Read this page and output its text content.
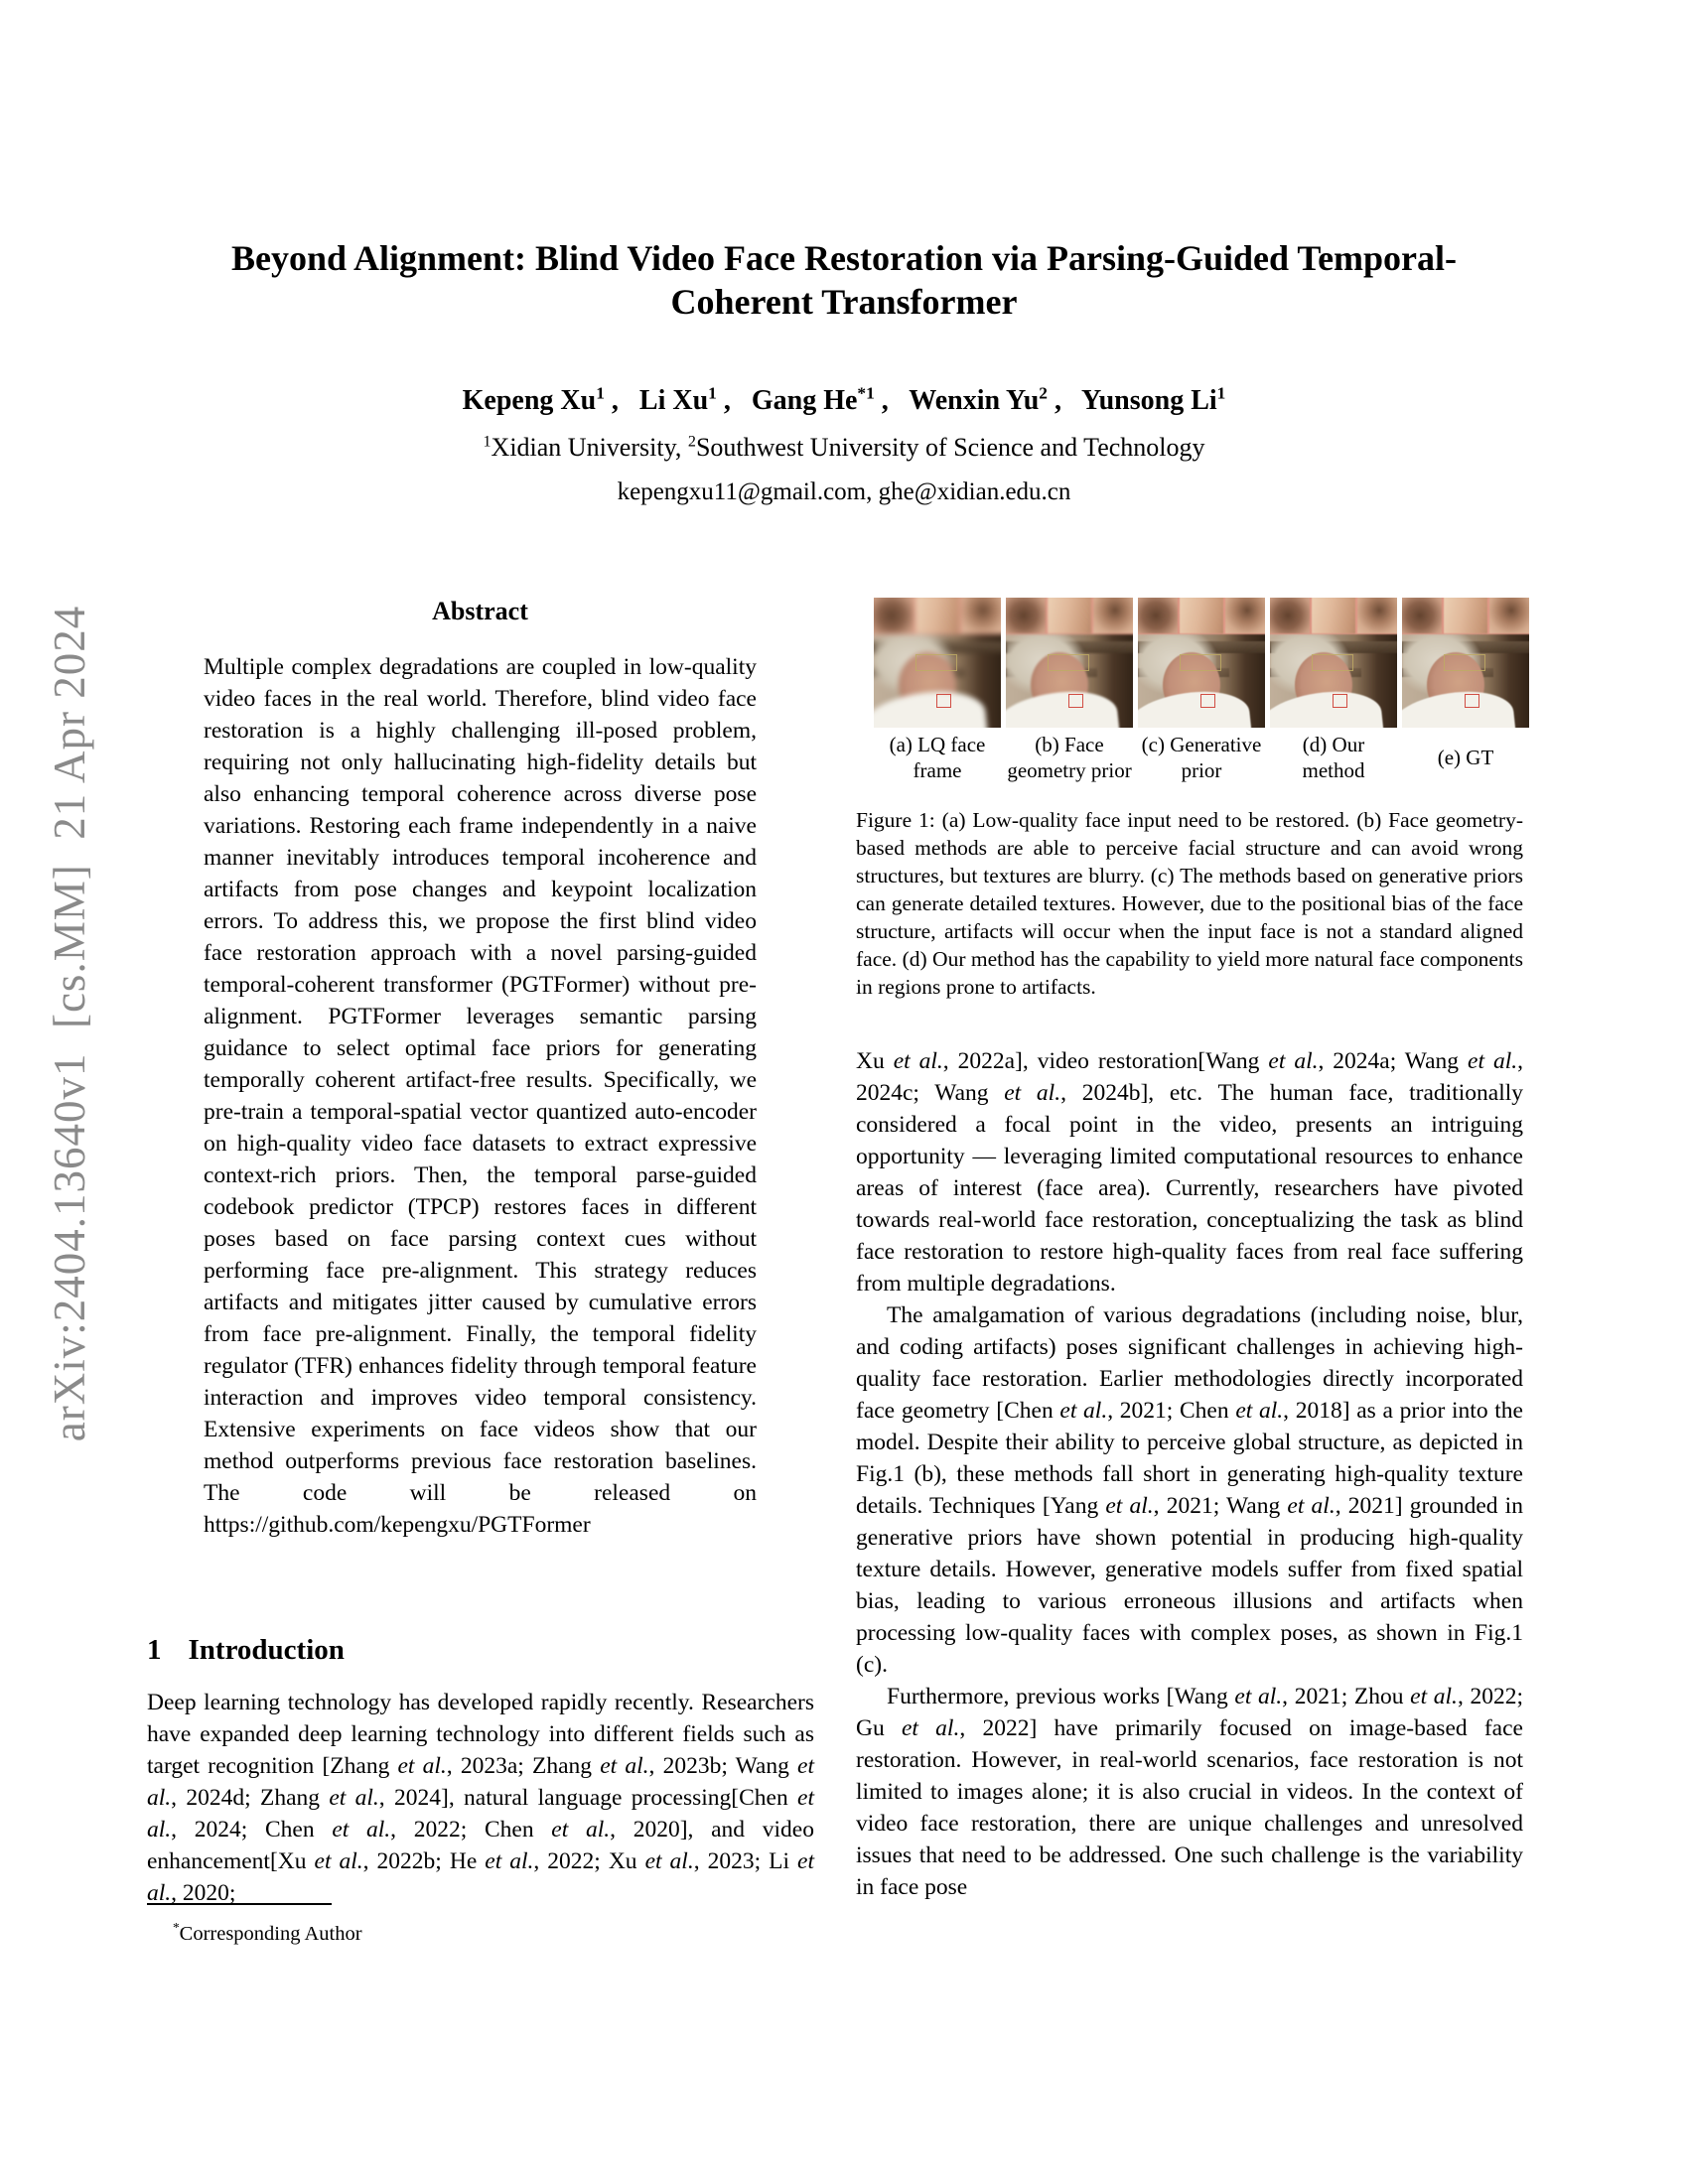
arXiv:2404.13640v1  [cs.MM]  21 Apr 2024
Beyond Alignment: Blind Video Face Restoration via Parsing-Guided Temporal-Coherent Transformer
Kepeng Xu$^1$ ,   Li Xu$^1$ ,   Gang He$^{*1}$ ,   Wenxin Yu$^2$ ,   Yunsong Li$^1$
$^1$Xidian University, $^2$Southwest University of Science and Technology
kepengxu11@gmail.com, ghe@xidian.edu.cn
Abstract

Multiple complex degradations are coupled in low-quality video faces in the real world. Therefore, blind video face restoration is a highly challenging ill-posed problem, requiring not only hallucinating high-fidelity details but also enhancing temporal coherence across diverse pose variations. Restoring each frame independently in a naive manner inevitably introduces temporal incoherence and artifacts from pose changes and keypoint localization errors. To address this, we propose the first blind video face restoration approach with a novel parsing-guided temporal-coherent transformer (PGTFormer) without pre-alignment. PGTFormer leverages semantic parsing guidance to select optimal face priors for generating temporally coherent artifact-free results. Specifically, we pre-train a temporal-spatial vector quantized auto-encoder on high-quality video face datasets to extract expressive context-rich priors. Then, the temporal parse-guided codebook predictor (TPCP) restores faces in different poses based on face parsing context cues without performing face pre-alignment. This strategy reduces artifacts and mitigates jitter caused by cumulative errors from face pre-alignment. Finally, the temporal fidelity regulator (TFR) enhances fidelity through temporal feature interaction and improves video temporal consistency. Extensive experiments on face videos show that our method outperforms previous face restoration baselines. The code will be released on https://github.com/kepengxu/PGTFormer

1 Introduction

Deep learning technology has developed rapidly recently. Researchers have expanded deep learning technology into different fields such as target recognition [Zhang et al., 2023a; Zhang et al., 2023b; Wang et al., 2024d; Zhang et al., 2024], natural language processing[Chen et al., 2024; Chen et al., 2022; Chen et al., 2020], and video enhancement[Xu et al., 2022b; He et al., 2022; Xu et al., 2023; Li et al., 2020;

*Corresponding Author
(a) LQ face
frame
(b) Face
geometry prior
(c) Generative
prior
(d) Our
method
(e) GT

Figure 1: (a) Low-quality face input need to be restored. (b) Face geometry-based methods are able to perceive facial structure and can avoid wrong structures, but textures are blurry. (c) The methods based on generative priors can generate detailed textures. However, due to the positional bias of the face structure, artifacts will occur when the input face is not a standard aligned face. (d) Our method has the capability to yield more natural face components in regions prone to artifacts.

Xu et al., 2022a], video restoration[Wang et al., 2024a; Wang et al., 2024c; Wang et al., 2024b], etc. The human face, traditionally considered a focal point in the video, presents an intriguing opportunity — leveraging limited computational resources to enhance areas of interest (face area). Currently, researchers have pivoted towards real-world face restoration, conceptualizing the task as blind face restoration to restore high-quality faces from real face suffering from multiple degradations.

The amalgamation of various degradations (including noise, blur, and coding artifacts) poses significant challenges in achieving high-quality face restoration. Earlier methodologies directly incorporated face geometry [Chen et al., 2021; Chen et al., 2018] as a prior into the model. Despite their ability to perceive global structure, as depicted in Fig.1 (b), these methods fall short in generating high-quality texture details. Techniques [Yang et al., 2021; Wang et al., 2021] grounded in generative priors have shown potential in producing high-quality texture details. However, generative models suffer from fixed spatial bias, leading to various erroneous illusions and artifacts when processing low-quality faces with complex poses, as shown in Fig.1 (c).

Furthermore, previous works [Wang et al., 2021; Zhou et al., 2022; Gu et al., 2022] have primarily focused on image-based face restoration. However, in real-world scenarios, face restoration is not limited to images alone; it is also crucial in videos. In the context of video face restoration, there are unique challenges and unresolved issues that need to be addressed. One such challenge is the variability in face pose
